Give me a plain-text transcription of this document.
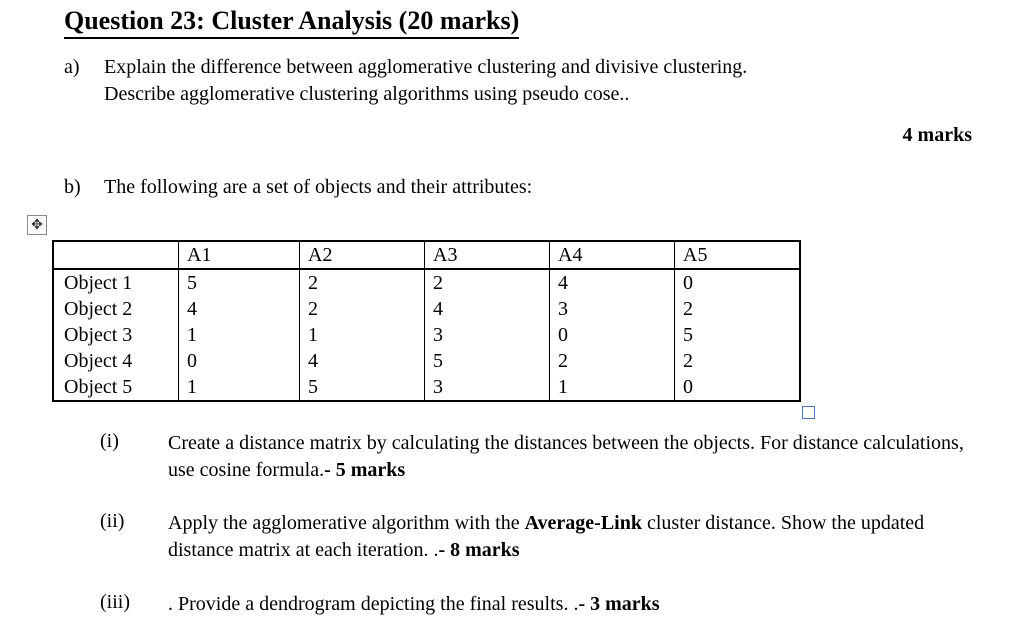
Question 23: Cluster Analysis (20 marks)
a) Explain the difference between agglomerative clustering and divisive clustering.
Describe agglomerative clustering algorithms using pseudo cose..
4 marks
b) The following are a set of objects and their attributes:
✥
	A1	A2	A3	A4	A5
Object 1	5	2	2	4	0
Object 2	4	2	4	3	2
Object 3	1	1	3	0	5
Object 4	0	4	5	2	2
Object 5	1	5	3	1	0
(i) Create a distance matrix by calculating the distances between the objects. For distance calculations, use cosine formula.- 5 marks
(ii) Apply the agglomerative algorithm with the Average-Link cluster distance. Show the updated distance matrix at each iteration. .- 8 marks
(iii) . Provide a dendrogram depicting the final results. .- 3 marks
